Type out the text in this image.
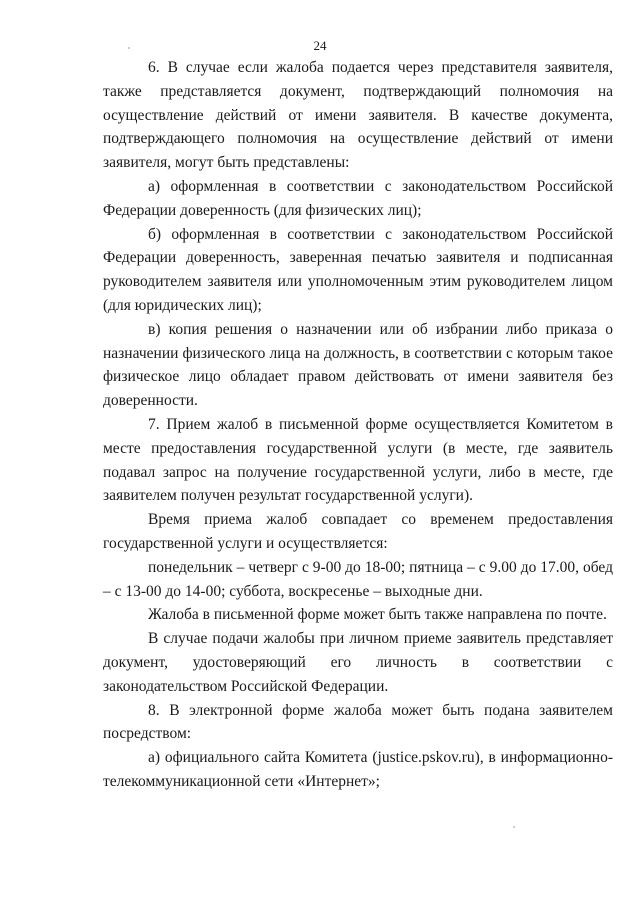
24

6. В случае если жалоба подается через представителя заявителя, также представляется документ, подтверждающий полномочия на осуществление действий от имени заявителя. В качестве документа, подтверждающего полномочия на осуществление действий от имени заявителя, могут быть представлены:

а) оформленная в соответствии с законодательством Российской Федерации доверенность (для физических лиц);

б) оформленная в соответствии с законодательством Российской Федерации доверенность, заверенная печатью заявителя и подписанная руководителем заявителя или уполномоченным этим руководителем лицом (для юридических лиц);

в) копия решения о назначении или об избрании либо приказа о назначении физического лица на должность, в соответствии с которым такое физическое лицо обладает правом действовать от имени заявителя без доверенности.

7. Прием жалоб в письменной форме осуществляется Комитетом в месте предоставления государственной услуги (в месте, где заявитель подавал запрос на получение государственной услуги, либо в месте, где заявителем получен результат государственной услуги).

Время приема жалоб совпадает со временем предоставления государственной услуги и осуществляется:

понедельник – четверг с 9-00 до 18-00; пятница – с 9.00 до 17.00, обед – с 13-00 до 14-00; суббота, воскресенье – выходные дни.

Жалоба в письменной форме может быть также направлена по почте.

В случае подачи жалобы при личном приеме заявитель представляет документ, удостоверяющий его личность в соответствии с законодательством Российской Федерации.

8. В электронной форме жалоба может быть подана заявителем посредством:

а) официального сайта Комитета (justice.pskov.ru), в информационно-телекоммуникационной сети «Интернет»;
